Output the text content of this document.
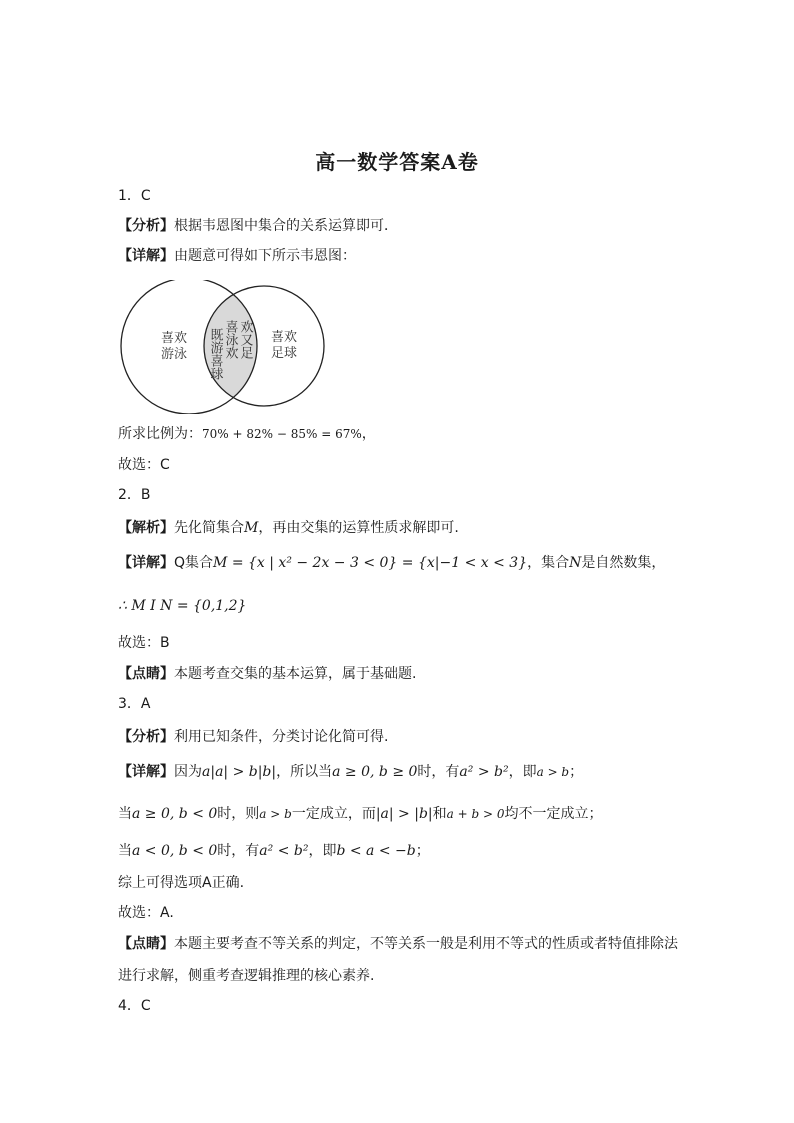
高一数学答案A卷
1．C
【分析】根据韦恩图中集合的关系运算即可．
【详解】由题意可得如下所示韦恩图：
喜欢
游泳
喜欢
足球
既游喜球 喜泳欢 欢又足
所求比例为：70% + 82% − 85% = 67%，
故选：C
2．B
【解析】先化简集合M，再由交集的运算性质求解即可.
【详解】Q集合M = {x | x² − 2x − 3 < 0} = {x|−1 < x < 3}，集合N是自然数集，
∴ M I N = {0,1,2}
故选：B
【点睛】本题考查交集的基本运算，属于基础题.
3．A
【分析】利用已知条件，分类讨论化简可得.
【详解】因为a|a| > b|b|，所以当a ≥ 0, b ≥ 0时，有a² > b²，即a > b；
当a ≥ 0, b < 0时，则a > b一定成立，而|a| > |b|和a + b > 0均不一定成立；
当a < 0, b < 0时，有a² < b²，即b < a < −b；
综上可得选项A正确.
故选：A.
【点睛】本题主要考查不等关系的判定，不等关系一般是利用不等式的性质或者特值排除法
进行求解，侧重考查逻辑推理的核心素养.
4．C
